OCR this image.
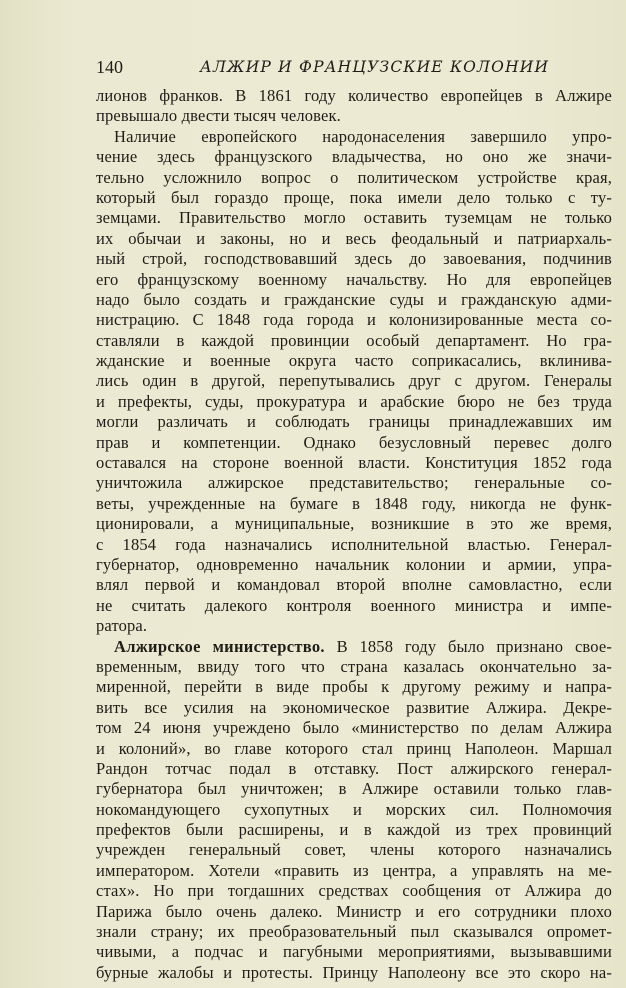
140	АЛЖИР И ФРАНЦУЗСКИЕ КОЛОНИИ
лионов франков. В 1861 году количество европейцев в Алжире
превышало двести тысяч человек.
Наличие европейского народонаселения завершило упро-
чение здесь французского владычества, но оно же значи-
тельно усложнило вопрос о политическом устройстве края,
который был гораздо проще, пока имели дело только с ту-
земцами. Правительство могло оставить туземцам не только
их обычаи и законы, но и весь феодальный и патриархаль-
ный строй, господствовавший здесь до завоевания, подчинив
его французскому военному начальству. Но для европейцев
надо было создать и гражданские суды и гражданскую адми-
нистрацию. С 1848 года города и колонизированные места со-
ставляли в каждой провинции особый департамент. Но гра-
жданские и военные округа часто соприкасались, вклинива-
лись один в другой, перепутывались друг с другом. Генералы
и префекты, суды, прокуратура и арабские бюро не без труда
могли различать и соблюдать границы принадлежавших им
прав и компетенции. Однако безусловный перевес долго
оставался на стороне военной власти. Конституция 1852 года
уничтожила алжирское представительство; генеральные со-
веты, учрежденные на бумаге в 1848 году, никогда не функ-
ционировали, а муниципальные, возникшие в это же время,
с 1854 года назначались исполнительной властью. Генерал-
губернатор, одновременно начальник колонии и армии, упра-
влял первой и командовал второй вполне самовластно, если
не считать далекого контроля военного министра и импе-
ратора.
Алжирское министерство. В 1858 году было признано свое-
временным, ввиду того что страна казалась окончательно за-
миренной, перейти в виде пробы к другому режиму и напра-
вить все усилия на экономическое развитие Алжира. Декре-
том 24 июня учреждено было «министерство по делам Алжира
и колоний», во главе которого стал принц Наполеон. Маршал
Рандон тотчас подал в отставку. Пост алжирского генерал-
губернатора был уничтожен; в Алжире оставили только глав-
нокомандующего сухопутных и морских сил. Полномочия
префектов были расширены, и в каждой из трех провинций
учрежден генеральный совет, члены которого назначались
императором. Хотели «править из центра, а управлять на ме-
стах». Но при тогдашних средствах сообщения от Алжира до
Парижа было очень далеко. Министр и его сотрудники плохо
знали страну; их преобразовательный пыл сказывался опромет-
чивыми, а подчас и пагубными мероприятиями, вызывавшими
бурные жалобы и протесты. Принцу Наполеону все это скоро на-
